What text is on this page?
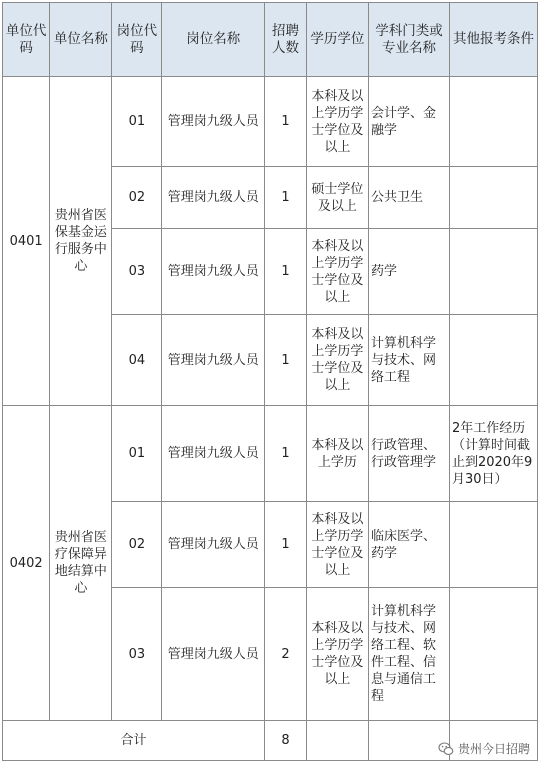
单位代码	单位名称	岗位代码	岗位名称	招聘人数	学历学位	学科门类或专业名称	其他报考条件
0401	贵州省医保基金运行服务中心	01	管理岗九级人员	1	本科及以上学历学士学位及以上	会计学、金融学	
		02	管理岗九级人员	1	硕士学位及以上	公共卫生	
		03	管理岗九级人员	1	本科及以上学历学士学位及以上	药学	
		04	管理岗九级人员	1	本科及以上学历学士学位及以上	计算机科学与技术、网络工程	
0402	贵州省医疗保障异地结算中心	01	管理岗九级人员	1	本科及以上学历	行政管理、行政管理学	2年工作经历（计算时间截止到2020年9月30日）
		02	管理岗九级人员	1	本科及以上学历学士学位及以上	临床医学、药学	
		03	管理岗九级人员	2	本科及以上学历学士学位及以上	计算机科学与技术、网络工程、软件工程、信息与通信工程	
合计				8			
贵州今日招聘
